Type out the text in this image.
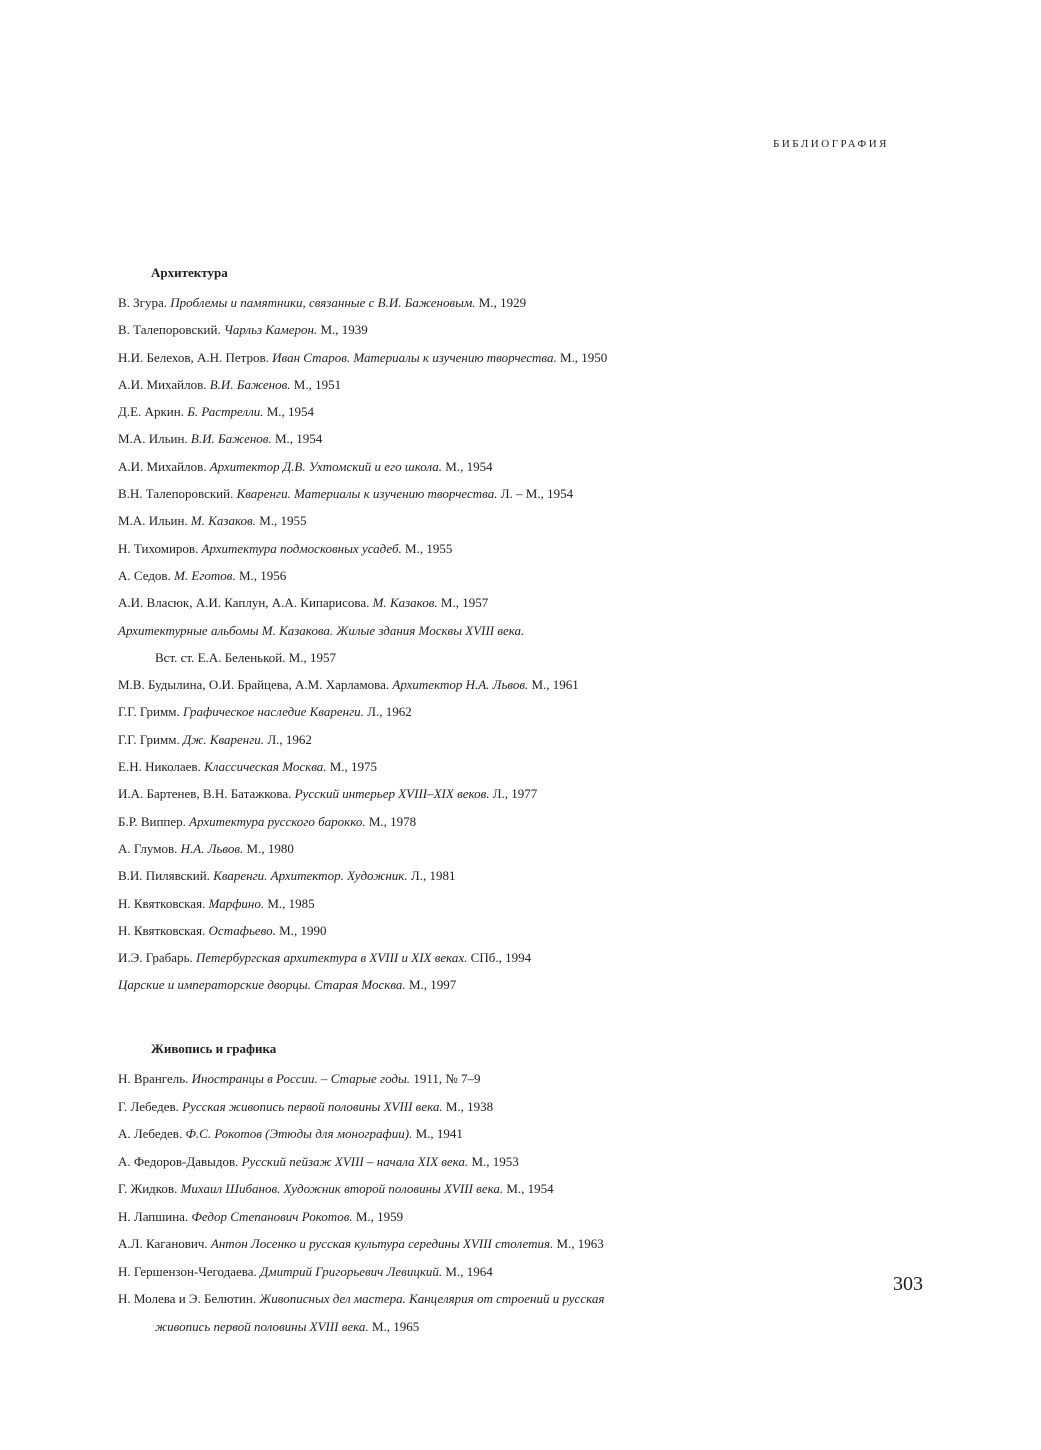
БИБЛИОГРАФИЯ
Архитектура
В. Згура. Проблемы и памятники, связанные с В.И. Баженовым. М., 1929
В. Талепоровский. Чарльз Камерон. М., 1939
Н.И. Белехов, А.Н. Петров. Иван Старов. Материалы к изучению творчества. М., 1950
А.И. Михайлов. В.И. Баженов. М., 1951
Д.Е. Аркин. Б. Растрелли. М., 1954
М.А. Ильин. В.И. Баженов. М., 1954
А.И. Михайлов. Архитектор Д.В. Ухтомский и его школа. М., 1954
В.Н. Талепоровский. Кваренги. Материалы к изучению творчества. Л. – М., 1954
М.А. Ильин. М. Казаков. М., 1955
Н. Тихомиров. Архитектура подмосковных усадеб. М., 1955
А. Седов. М. Еготов. М., 1956
А.И. Власюк, А.И. Каплун, А.А. Кипарисова. М. Казаков. М., 1957
Архитектурные альбомы М. Казакова. Жилые здания Москвы XVIII века.
Вст. ст. Е.А. Беленькой. М., 1957
М.В. Будылина, О.И. Брайцева, А.М. Харламова. Архитектор Н.А. Львов. М., 1961
Г.Г. Гримм. Графическое наследие Кваренги. Л., 1962
Г.Г. Гримм. Дж. Кваренги. Л., 1962
Е.Н. Николаев. Классическая Москва. М., 1975
И.А. Бартенев, В.Н. Батажкова. Русский интерьер XVIII–XIX веков. Л., 1977
Б.Р. Виппер. Архитектура русского барокко. М., 1978
А. Глумов. Н.А. Львов. М., 1980
В.И. Пилявский. Кваренги. Архитектор. Художник. Л., 1981
Н. Квятковская. Марфино. М., 1985
Н. Квятковская. Остафьево. М., 1990
И.Э. Грабарь. Петербургская архитектура в XVIII и XIX веках. СПб., 1994
Царские и императорские дворцы. Старая Москва. М., 1997
Живопись и графика
Н. Врангель. Иностранцы в России. – Старые годы. 1911, № 7–9
Г. Лебедев. Русская живопись первой половины XVIII века. М., 1938
А. Лебедев. Ф.С. Рокотов (Этюды для монографии). М., 1941
А. Федоров-Давыдов. Русский пейзаж XVIII – начала XIX века. М., 1953
Г. Жидков. Михаил Шибанов. Художник второй половины XVIII века. М., 1954
Н. Лапшина. Федор Степанович Рокотов. М., 1959
А.Л. Каганович. Антон Лосенко и русская культура середины XVIII столетия. М., 1963
Н. Гершензон-Чегодаева. Дмитрий Григорьевич Левицкий. М., 1964
Н. Молева и Э. Белютин. Живописных дел мастера. Канцелярия от строений и русская
живопись первой половины XVIII века. М., 1965
303
